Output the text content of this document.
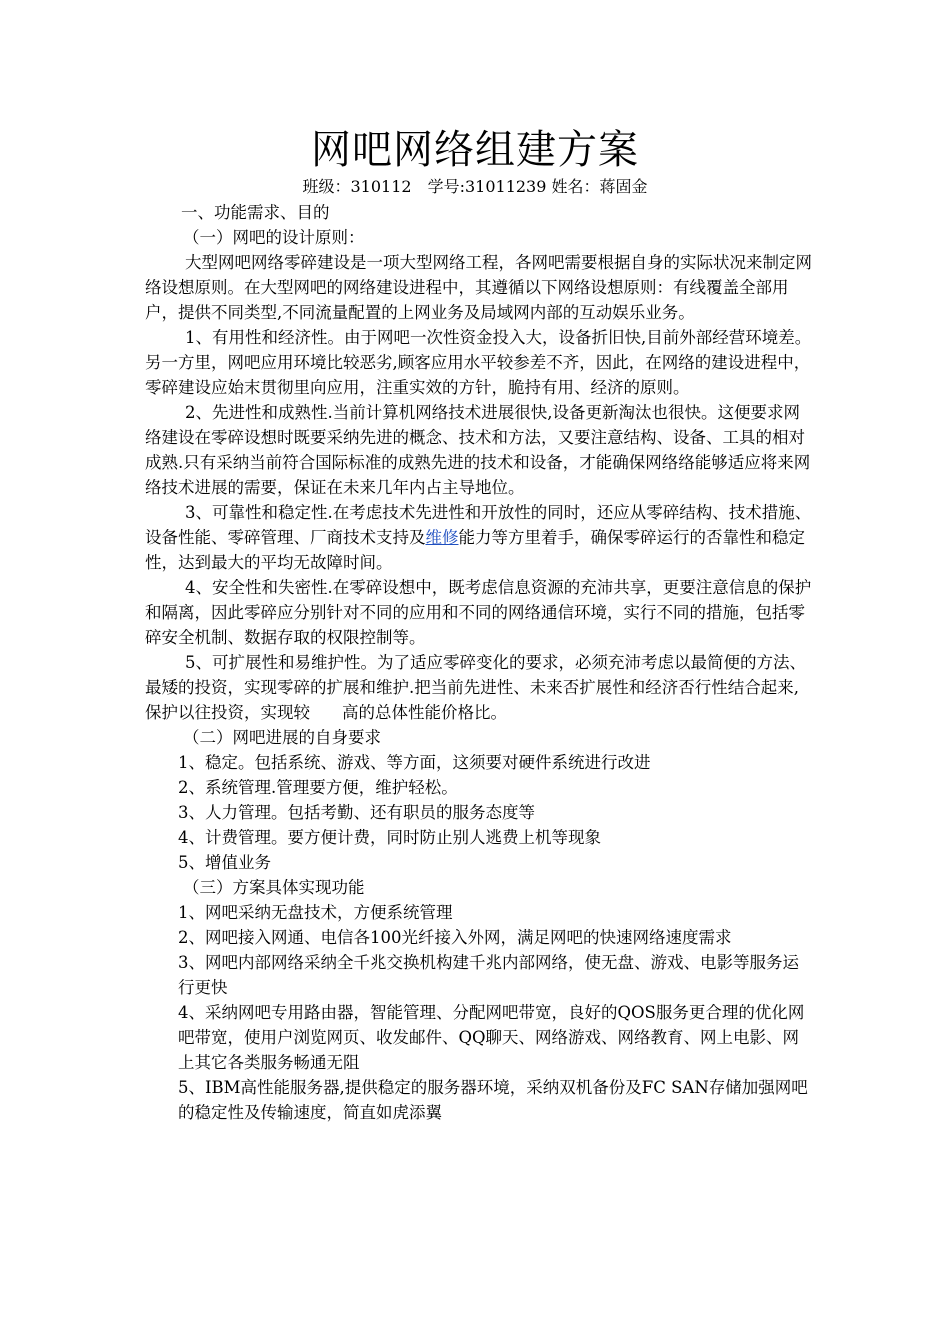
网吧网络组建方案
班级：310112　学号:31011239 姓名：蒋固金

一、功能需求、目的

（一）网吧的设计原则：

大型网吧网络零碎建设是一项大型网络工程，各网吧需要根据自身的实际状况来制定网络设想原则。在大型网吧的网络建设进程中，其遵循以下网络设想原则：有线覆盖全部用户，提供不同类型,不同流量配置的上网业务及局域网内部的互动娱乐业务。

1、有用性和经济性。由于网吧一次性资金投入大，设备折旧快,目前外部经营环境差。另一方里，网吧应用环境比较恶劣,顾客应用水平较参差不齐，因此，在网络的建设进程中，零碎建设应始末贯彻里向应用，注重实效的方针，脆持有用、经济的原则。

2、先进性和成熟性.当前计算机网络技术进展很快,设备更新淘汰也很快。这便要求网络建设在零碎设想时既要采纳先进的概念、技术和方法，又要注意结构、设备、工具的相对成熟.只有采纳当前符合国际标准的成熟先进的技术和设备，才能确保网络络能够适应将来网络技术进展的需要，保证在未来几年内占主导地位。

3、可靠性和稳定性.在考虑技术先进性和开放性的同时，还应从零碎结构、技术措施、设备性能、零碎管理、厂商技术支持及维修能力等方里着手，确保零碎运行的否靠性和稳定性，达到最大的平均无故障时间。

4、安全性和失密性.在零碎设想中，既考虑信息资源的充沛共享，更要注意信息的保护和隔离，因此零碎应分别针对不同的应用和不同的网络通信环境，实行不同的措施，包括零碎安全机制、数据存取的权限控制等。

5、可扩展性和易维护性。为了适应零碎变化的要求，必须充沛考虑以最简便的方法、最矮的投资，实现零碎的扩展和维护.把当前先进性、未来否扩展性和经济否行性结合起来,保护以往投资，实现较 高的总体性能价格比。

（二）网吧进展的自身要求

1、稳定。包括系统、游戏、等方面，这须要对硬件系统进行改进

2、系统管理.管理要方便，维护轻松。

3、人力管理。包括考勤、还有职员的服务态度等

4、计费管理。要方便计费，同时防止别人逃费上机等现象

5、增值业务

（三）方案具体实现功能

1、网吧采纳无盘技术，方便系统管理

2、网吧接入网通、电信各100光纤接入外网，满足网吧的快速网络速度需求

3、网吧内部网络采纳全千兆交换机构建千兆内部网络，使无盘、游戏、电影等服务运行更快

4、采纳网吧专用路由器，智能管理、分配网吧带宽，良好的QOS服务更合理的优化网吧带宽，使用户浏览网页、收发邮件、QQ聊天、网络游戏、网络教育、网上电影、网上其它各类服务畅通无阻

5、IBM高性能服务器,提供稳定的服务器环境，采纳双机备份及FC SAN存储加强网吧的稳定性及传输速度，简直如虎添翼
